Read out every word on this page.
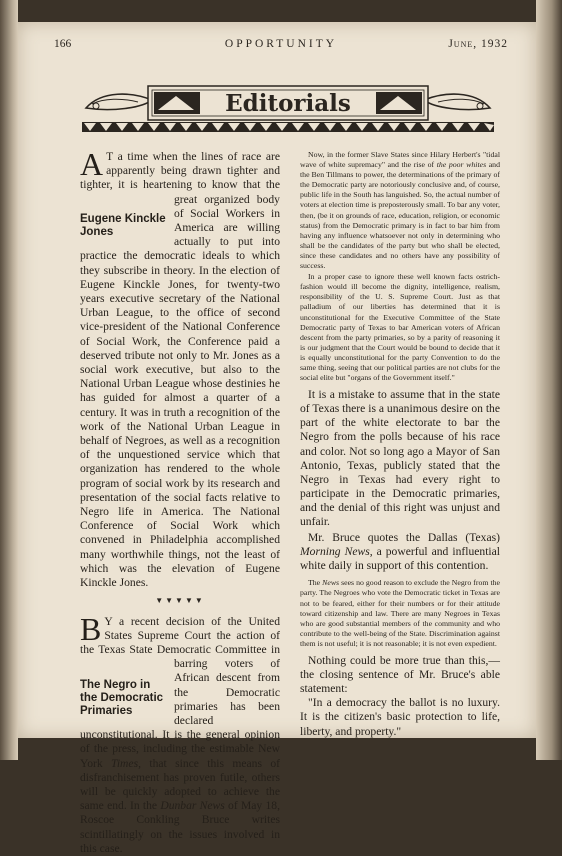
166	OPPORTUNITY	June, 1932
Editorials

A T a time when the lines of race are apparently being drawn tighter and tighter, it is heartening to know that the great
Eugene Kinckle Jones
organized body of Social Workers in America are willing actually to put into practice the democratic ideals to which they subscribe in theory. In the election of Eugene Kinckle Jones, for twenty-two years executive secretary of the National Urban League, to the office of second vice-president of the National Conference of Social Work, the Conference paid a deserved tribute not only to Mr. Jones as a social work executive, but also to the National Urban League whose destinies he has guided for almost a quarter of a century. It was in truth a recognition of the work of the National Urban League in behalf of Negroes, as well as a recognition of the unquestioned service which that organization has rendered to the whole program of social work by its research and presentation of the social facts relative to Negro life in America. The National Conference of Social Work which convened in Philadelphia accomplished many worthwhile things, not the least of which was the elevation of Eugene Kinckle Jones.

▼▼▼▼▼

B Y a recent decision of the United States Supreme Court the action of the Texas State Democratic Committee in barring
The Negro in the Democratic Primaries
voters of African descent from the Democratic primaries has been declared unconstitutional. It is the general opinion of the press, including the estimable New York Times, that since this means of disfranchisement has proven futile, others will be quickly adopted to achieve the same end. In the Dunbar News of May 18, Roscoe Conkling Bruce writes scintillatingly on the issues involved in this case.

Now, in the former Slave States since Hilary Herbert's "tidal wave of white supremacy" and the rise of the poor whites and the Ben Tillmans to power, the determinations of the primary of the Democratic party are notoriously conclusive and, of course, public life in the South has languished. So, the actual number of voters at election time is preposterously small. To bar any voter, then, (be it on grounds of race, education, religion, or economic status) from the Democratic primary is in fact to bar him from having any influence whatsoever not only in determining who shall be the candidates of the party but who shall be elected, since these candidates and no others have any possibility of success.

In a proper case to ignore these well known facts ostrich-fashion would ill become the dignity, intelligence, realism, responsibility of the U. S. Supreme Court. Just as that palladium of our liberties has determined that it is unconstitutional for the Executive Committee of the State Democratic party of Texas to bar American voters of African descent from the party primaries, so by a parity of reasoning it is our judgment that the Court would be bound to decide that it is equally unconstitutional for the party Convention to do the same thing, seeing that our political parties are not clubs for the social elite but "organs of the Government itself."

It is a mistake to assume that in the state of Texas there is a unanimous desire on the part of the white electorate to bar the Negro from the polls because of his race and color. Not so long ago a Mayor of San Antonio, Texas, publicly stated that the Negro in Texas had every right to participate in the Democratic primaries, and the denial of this right was unjust and unfair.

Mr. Bruce quotes the Dallas (Texas) Morning News, a powerful and influential white daily in support of this contention.

The News sees no good reason to exclude the Negro from the party. The Negroes who vote the Democratic ticket in Texas are not to be feared, either for their numbers or for their attitude toward citizenship and law. There are many Negroes in Texas who are good substantial members of the community and who contribute to the well-being of the State. Discrimination against them is not useful; it is not reasonable; it is not even expedient.

Nothing could be more true than this,—the closing sentence of Mr. Bruce's able statement:

"In a democracy the ballot is no luxury. It is the citizen's basic protection to life, liberty, and property."
